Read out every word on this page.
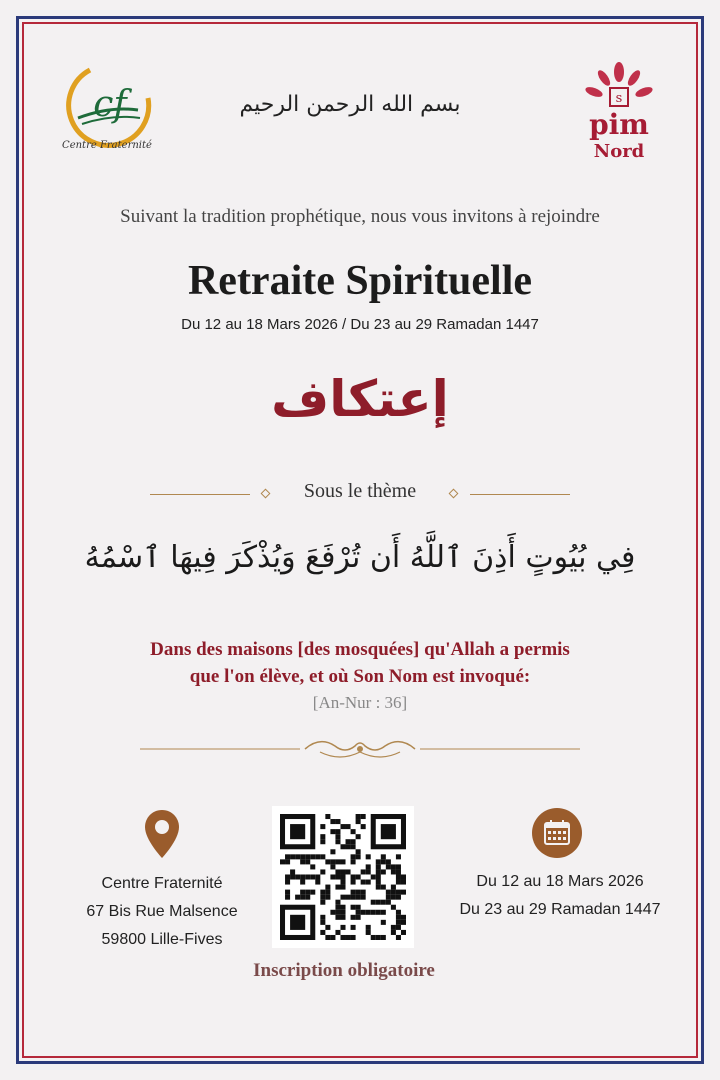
cf
Centre Fraternité
بسم الله الرحمن الرحيم	s
pim
Nord
Suivant la tradition prophétique, nous vous invitons à rejoindre
Retraite Spirituelle
Du 12 au 18 Mars 2026 / Du 23 au 29 Ramadan 1447
إعتكاف
Sous le thème
فِي بُيُوتٍ أَذِنَ ٱللَّهُ أَن تُرْفَعَ وَيُذْكَرَ فِيهَا ٱسْمُهُ
Dans des maisons [des mosquées] qu'Allah a permis
que l'on élève, et où Son Nom est invoqué:
[An-Nur : 36]
Centre Fraternité
67 Bis Rue Malsence
59800 Lille-Fives
Du 12 au 18 Mars 2026
Du 23 au 29 Ramadan 1447
Inscription obligatoire
